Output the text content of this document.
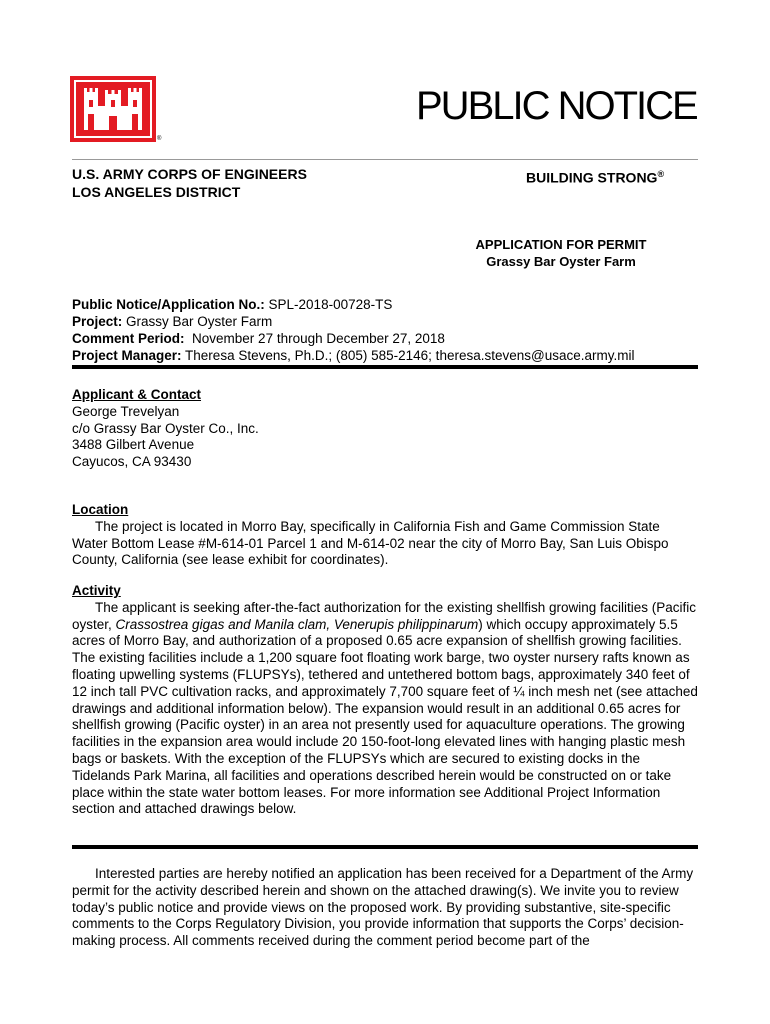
®
PUBLIC NOTICE
U.S. ARMY CORPS OF ENGINEERS
LOS ANGELES DISTRICT
BUILDING STRONG®
APPLICATION FOR PERMIT
Grassy Bar Oyster Farm
Public Notice/Application No.: SPL-2018-00728-TS
Project: Grassy Bar Oyster Farm
Comment Period: November 27 through December 27, 2018
Project Manager: Theresa Stevens, Ph.D.; (805) 585-2146; theresa.stevens@usace.army.mil
Applicant & Contact
George Trevelyan
c/o Grassy Bar Oyster Co., Inc.
3488 Gilbert Avenue
Cayucos, CA 93430
Location
The project is located in Morro Bay, specifically in California Fish and Game Commission State Water Bottom Lease #M-614-01 Parcel 1 and M-614-02 near the city of Morro Bay, San Luis Obispo County, California (see lease exhibit for coordinates).
Activity
The applicant is seeking after-the-fact authorization for the existing shellfish growing facilities (Pacific oyster, Crassostrea gigas and Manila clam, Venerupis philippinarum) which occupy approximately 5.5 acres of Morro Bay, and authorization of a proposed 0.65 acre expansion of shellfish growing facilities. The existing facilities include a 1,200 square foot floating work barge, two oyster nursery rafts known as floating upwelling systems (FLUPSYs), tethered and untethered bottom bags, approximately 340 feet of 12 inch tall PVC cultivation racks, and approximately 7,700 square feet of ¼ inch mesh net (see attached drawings and additional information below). The expansion would result in an additional 0.65 acres for shellfish growing (Pacific oyster) in an area not presently used for aquaculture operations. The growing facilities in the expansion area would include 20 150-foot-long elevated lines with hanging plastic mesh bags or baskets. With the exception of the FLUPSYs which are secured to existing docks in the Tidelands Park Marina, all facilities and operations described herein would be constructed on or take place within the state water bottom leases. For more information see Additional Project Information section and attached drawings below.
Interested parties are hereby notified an application has been received for a Department of the Army permit for the activity described herein and shown on the attached drawing(s). We invite you to review today’s public notice and provide views on the proposed work. By providing substantive, site-specific comments to the Corps Regulatory Division, you provide information that supports the Corps’ decision-making process. All comments received during the comment period become part of the
